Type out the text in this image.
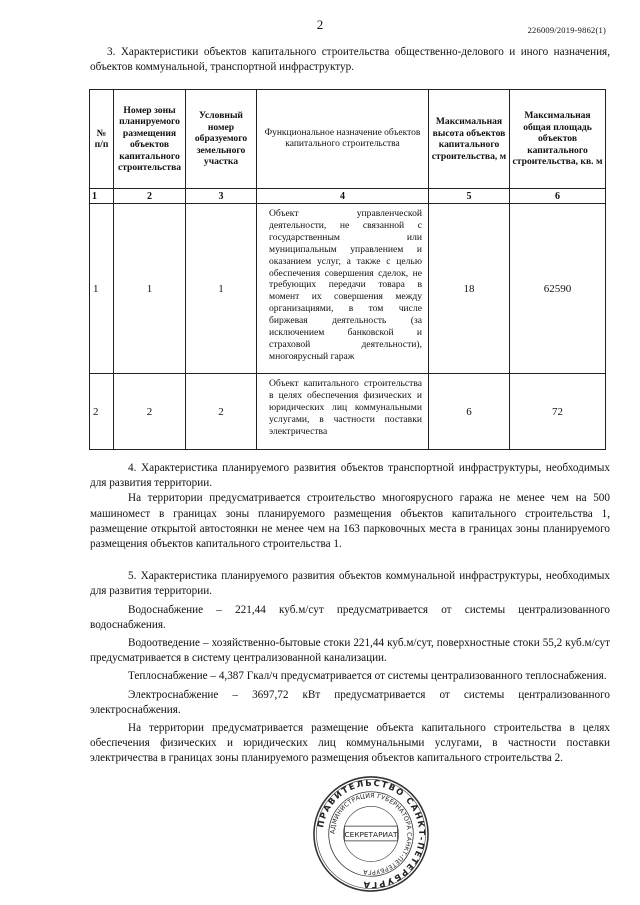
2	226009/2019-9862(1)
3. Характеристики объектов капитального строительства общественно-делового и иного назначения, объектов коммунальной, транспортной инфраструктур.
№ п/п	Номер зоны планируемого размещения объектов капитального строительства	Условный номер образуемого земельного участка	Функциональное назначение объектов капитального строительства	Максимальная высота объектов капитального строительства, м	Максимальная общая площадь объектов капитального строительства, кв. м
1	2	3	4	5	6
1	1	1	Объект управленческой деятельности, не связанной с государственным или муниципальным управлением и оказанием услуг, а также с целью обеспечения совершения сделок, не требующих передачи товара в момент их совершения между организациями, в том числе биржевая деятельность (за исключением банковской и страховой деятельности), многоярусный гараж	18	62590
2	2	2	Объект капитального строительства в целях обеспечения физических и юридических лиц коммунальными услугами, в частности поставки электричества	6	72

4. Характеристика планируемого развития объектов транспортной инфраструктуры, необходимых для развития территории.

На территории предусматривается строительство многоярусного гаража не менее чем на 500 машиномест в границах зоны планируемого размещения объектов капитального строительства 1, размещение открытой автостоянки не менее чем на 163 парковочных места в границах зоны планируемого размещения объектов капитального строительства 1.

5. Характеристика планируемого развития объектов коммунальной инфраструктуры, необходимых для развития территории.

Водоснабжение – 221,44 куб.м/сут предусматривается от системы централизованного водоснабжения.

Водоотведение – хозяйственно-бытовые стоки 221,44 куб.м/сут, поверхностные стоки 55,2 куб.м/сут предусматривается в систему централизованной канализации.

Теплоснабжение – 4,387 Гкал/ч предусматривается от системы централизованного теплоснабжения.

Электроснабжение – 3697,72 кВт предусматривается от системы централизованного электроснабжения.

На территории предусматривается размещение объекта капитального строительства в целях обеспечения физических и юридических лиц коммунальными услугами, в частности поставки электричества в границах зоны планируемого размещения объектов капитального строительства 2.

ПРАВИТЕЛЬСТВО САНКТ-ПЕТЕРБУРГА
АДМИНИСТРАЦИЯ ГУБЕРНАТОРА САНКТ-ПЕТЕРБУРГА
СЕКРЕТАРИАТ
